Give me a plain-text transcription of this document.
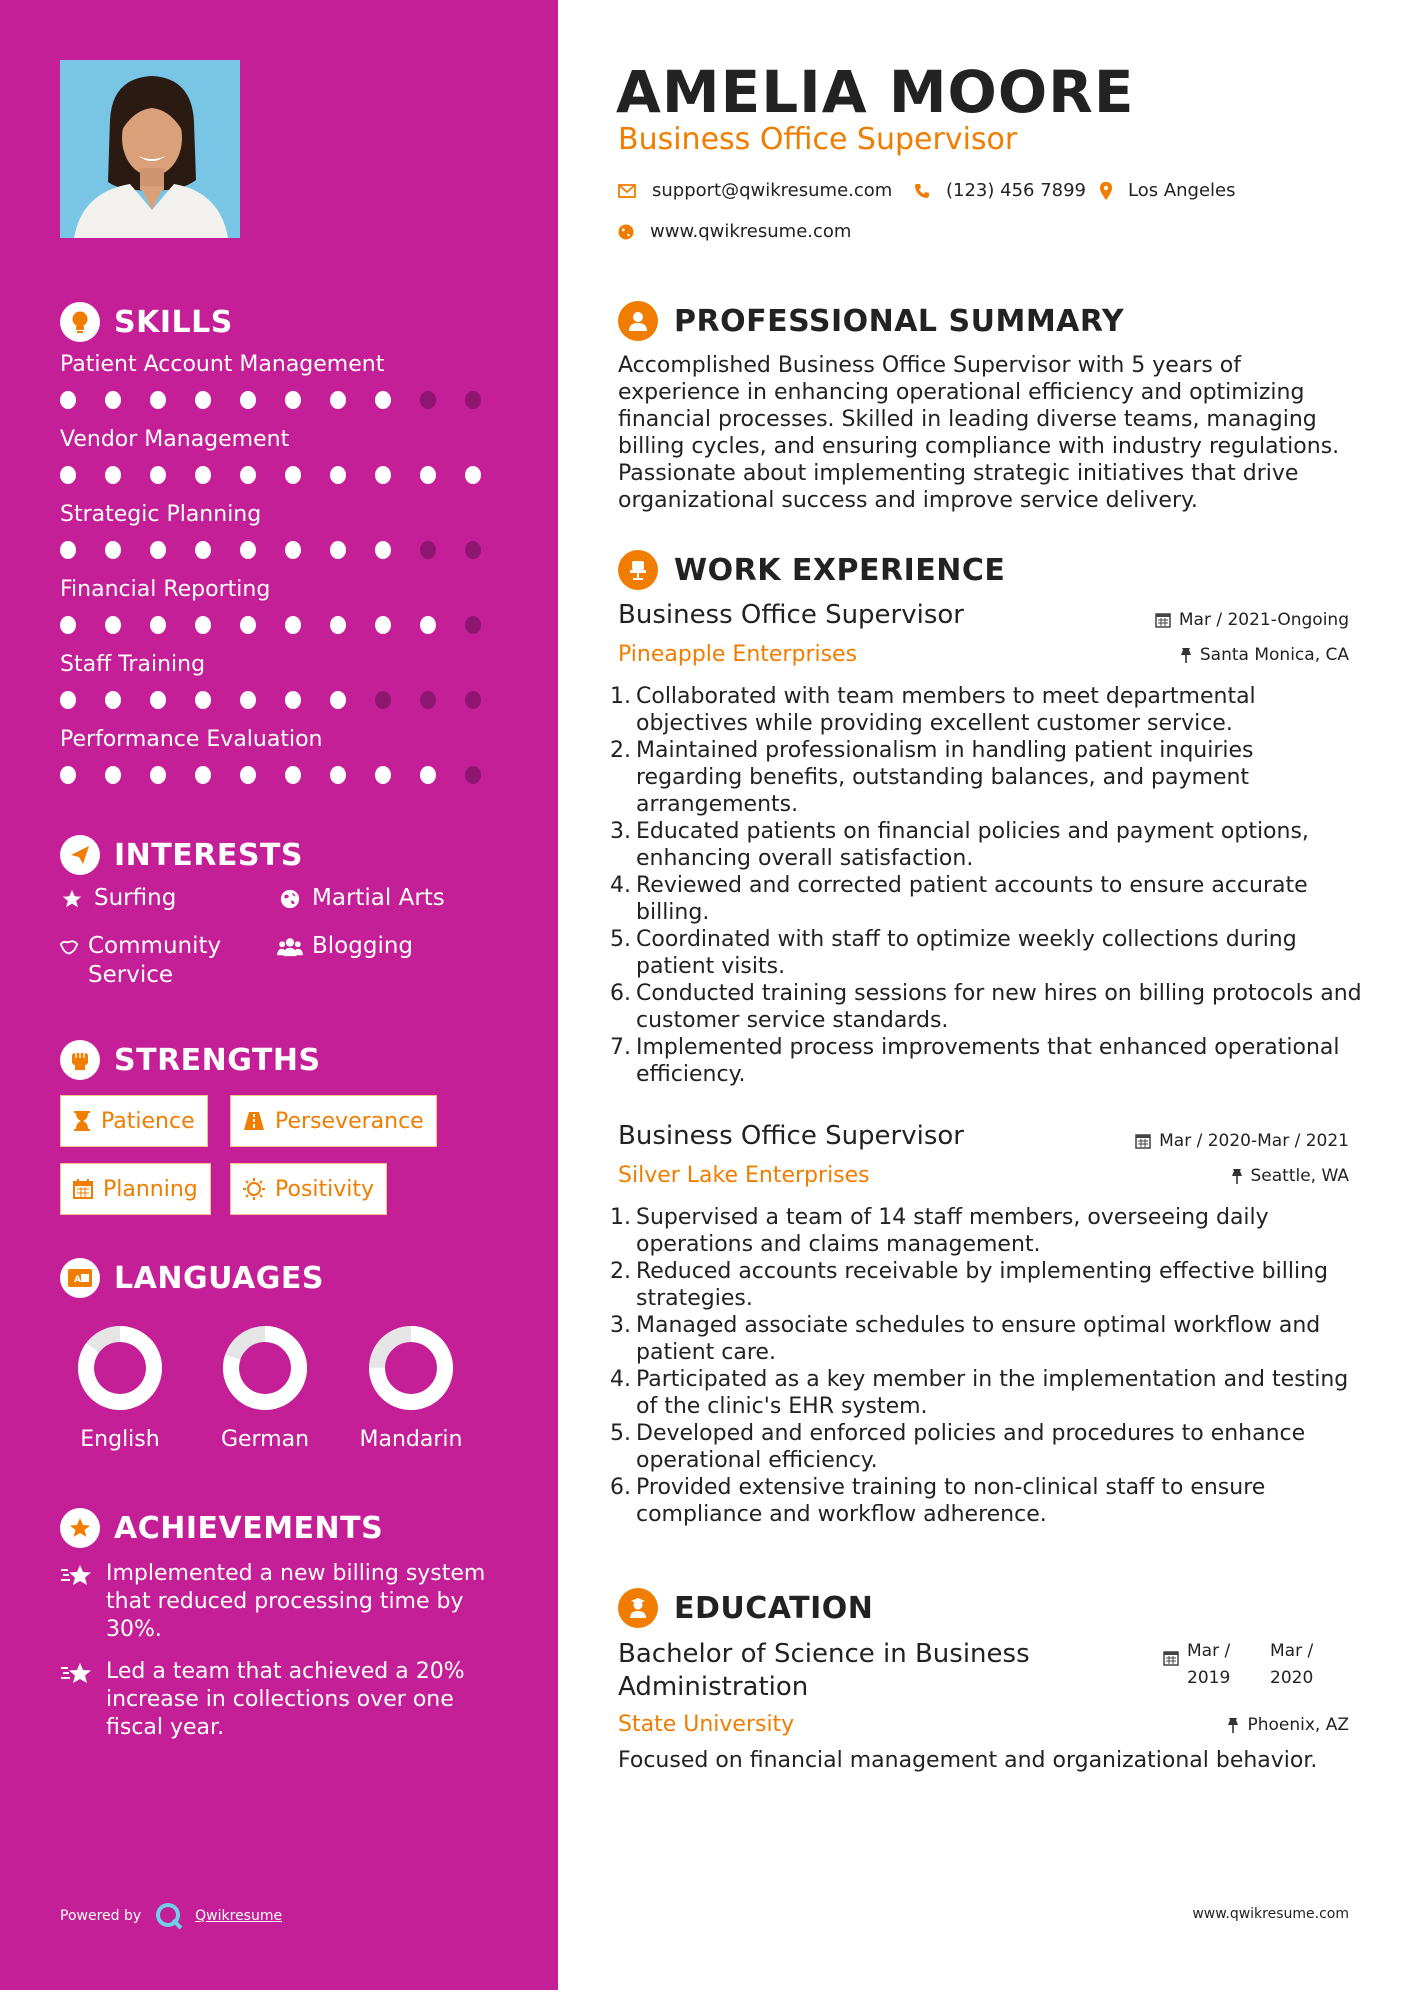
SKILLS
Patient Account Management
Vendor Management
Strategic Planning
Financial Reporting
Staff Training
Performance Evaluation
INTERESTS
Surfing	Martial Arts
Community Service
Blogging
STRENGTHS
Patience	Perseverance
Planning	Positivity
A LANGUAGES
English	German	Mandarin
ACHIEVEMENTS
Implemented a new billing system that reduced processing time by 30%.
Led a team that achieved a 20% increase in collections over one fiscal year.
Powered by	Qwikresume
AMELIA MOORE
Business Office Supervisor
support@qwikresume.com	(123) 456 7899 Los Angeles
www.qwikresume.com
PROFESSIONAL SUMMARY
Accomplished Business Office Supervisor with 5 years of experience in enhancing operational efficiency and optimizing financial processes. Skilled in leading diverse teams, managing billing cycles, and ensuring compliance with industry regulations. Passionate about implementing strategic initiatives that drive organizational success and improve service delivery.
WORK EXPERIENCE
Business Office Supervisor	Mar / 2021-Ongoing
Pineapple Enterprises	Santa Monica, CA
Collaborated with team members to meet departmental objectives while providing excellent customer service.
Maintained professionalism in handling patient inquiries regarding benefits, outstanding balances, and payment arrangements.
Educated patients on financial policies and payment options, enhancing overall satisfaction.
Reviewed and corrected patient accounts to ensure accurate billing.
Coordinated with staff to optimize weekly collections during patient visits.
Conducted training sessions for new hires on billing protocols and customer service standards.
Implemented process improvements that enhanced operational efficiency.
Business Office Supervisor	Mar / 2020-Mar / 2021
Silver Lake Enterprises	Seattle, WA
Supervised a team of 14 staff members, overseeing daily operations and claims management.
Reduced accounts receivable by implementing effective billing strategies.
Managed associate schedules to ensure optimal workflow and patient care.
Participated as a key member in the implementation and testing of the clinic's EHR system.
Developed and enforced policies and procedures to enhance operational efficiency.
Provided extensive training to non-clinical staff to ensure compliance and workflow adherence.
EDUCATION
Bachelor of Science in Business Administration
Mar / 2019
Mar / 2020
State University	Phoenix, AZ
Focused on financial management and organizational behavior.
www.qwikresume.com
